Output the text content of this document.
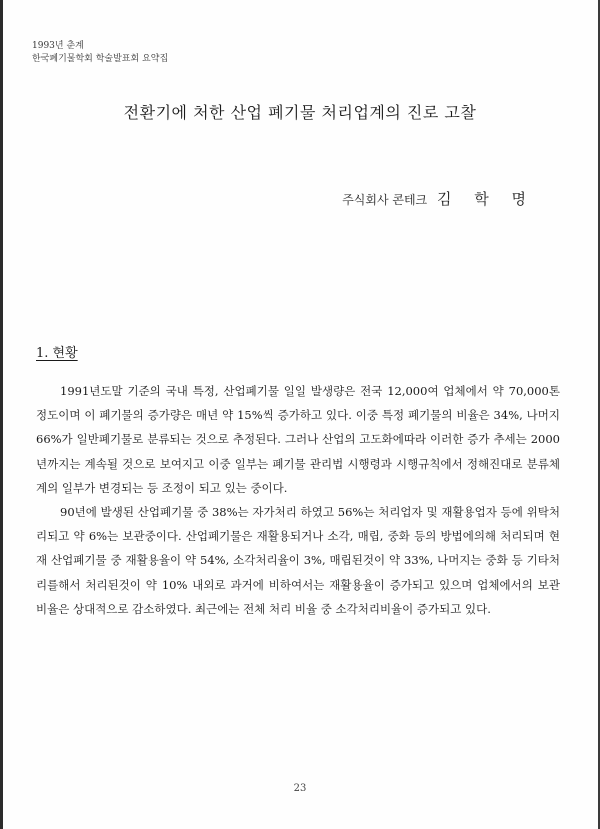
1993년 춘계
한국폐기물학회 학술발표회 요약집
전환기에 처한 산업 폐기물 처리업계의 진로 고찰
주식회사 콘테크 김 학 명
1. 현황

1991년도말 기준의 국내 특정, 산업폐기물 일일 발생량은 전국 12,000여 업체에서 약 70,000톤 정도이며 이 폐기물의 증가량은 매년 약 15%씩 증가하고 있다. 이중 특정 폐기물의 비율은 34%, 나머지 66%가 일반폐기물로 분류되는 것으로 추정된다. 그러나 산업의 고도화에따라 이러한 증가 추세는 2000년까지는 계속될 것으로 보여지고 이중 일부는 폐기물 관리법 시행령과 시행규칙에서 정해진대로 분류체계의 일부가 변경되는 등 조정이 되고 있는 중이다.

90년에 발생된 산업폐기물 중 38%는 자가처리 하였고 56%는 처리업자 및 재활용업자 등에 위탁처리되고 약 6%는 보관중이다. 산업폐기물은 재활용되거나 소각, 매립, 중화 등의 방법에의해 처리되며 현재 산업폐기물 중 재활용율이 약 54%, 소각처리율이 3%, 매립된것이 약 33%, 나머지는 중화 등 기타처리를해서 처리된것이 약 10% 내외로 과거에 비하여서는 재활용율이 증가되고 있으며 업체에서의 보관 비율은 상대적으로 감소하였다. 최근에는 전체 처리 비율 중 소각처리비율이 증가되고 있다.

23
